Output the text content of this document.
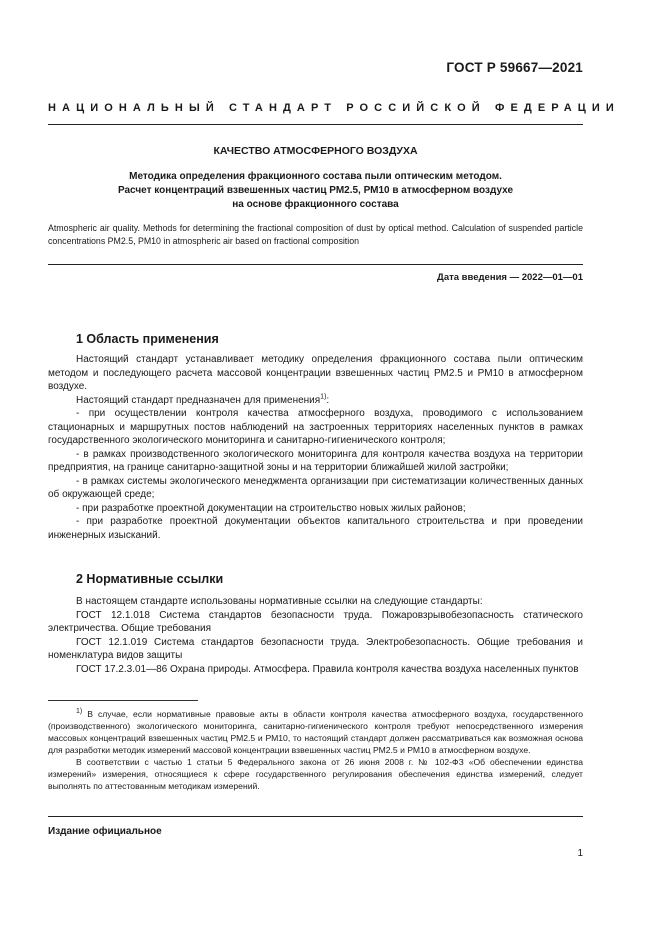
ГОСТ Р 59667—2021
НАЦИОНАЛЬНЫЙ СТАНДАРТ РОССИЙСКОЙ ФЕДЕРАЦИИ
КАЧЕСТВО АТМОСФЕРНОГО ВОЗДУХА
Методика определения фракционного состава пыли оптическим методом.
Расчет концентраций взвешенных частиц РМ2.5, РМ10 в атмосферном воздухе
на основе фракционного состава
Atmospheric air quality. Methods for determining the fractional composition of dust by optical method. Calculation of suspended particle concentrations PM2.5, PM10 in atmospheric air based on fractional composition
Дата введения — 2022—01—01
1 Область применения

Настоящий стандарт устанавливает методику определения фракционного состава пыли оптическим методом и последующего расчета массовой концентрации взвешенных частиц РМ2.5 и РМ10 в атмосферном воздухе.

Настоящий стандарт предназначен для применения$^{1)}$:

- при осуществлении контроля качества атмосферного воздуха, проводимого с использованием стационарных и маршрутных постов наблюдений на застроенных территориях населенных пунктов в рамках государственного экологического мониторинга и санитарно-гигиенического контроля;

- в рамках производственного экологического мониторинга для контроля качества воздуха на территории предприятия, на границе санитарно-защитной зоны и на территории ближайшей жилой застройки;

- в рамках системы экологического менеджмента организации при систематизации количественных данных об окружающей среде;

- при разработке проектной документации на строительство новых жилых районов;

- при разработке проектной документации объектов капитального строительства и при проведении инженерных изысканий.

2 Нормативные ссылки

В настоящем стандарте использованы нормативные ссылки на следующие стандарты:

ГОСТ 12.1.018 Система стандартов безопасности труда. Пожаровзрывобезопасность статического электричества. Общие требования

ГОСТ 12.1.019 Система стандартов безопасности труда. Электробезопасность. Общие требования и номенклатура видов защиты

ГОСТ 17.2.3.01—86 Охрана природы. Атмосфера. Правила контроля качества воздуха населенных пунктов

$^{1)}$ В случае, если нормативные правовые акты в области контроля качества атмосферного воздуха, государственного (производственного) экологического мониторинга, санитарно-гигиенического контроля требуют непосредственного измерения массовых концентраций взвешенных частиц РМ2.5 и РМ10, то настоящий стандарт должен рассматриваться как возможная основа для разработки методик измерений массовой концентрации взвешенных частиц РМ2.5 и РМ10 в атмосферном воздухе.

В соответствии с частью 1 статьи 5 Федерального закона от 26 июня 2008 г. № 102-ФЗ «Об обеспечении единства измерений» измерения, относящиеся к сфере государственного регулирования обеспечения единства измерений, следует выполнять по аттестованным методикам измерений.

Издание официальное
1
